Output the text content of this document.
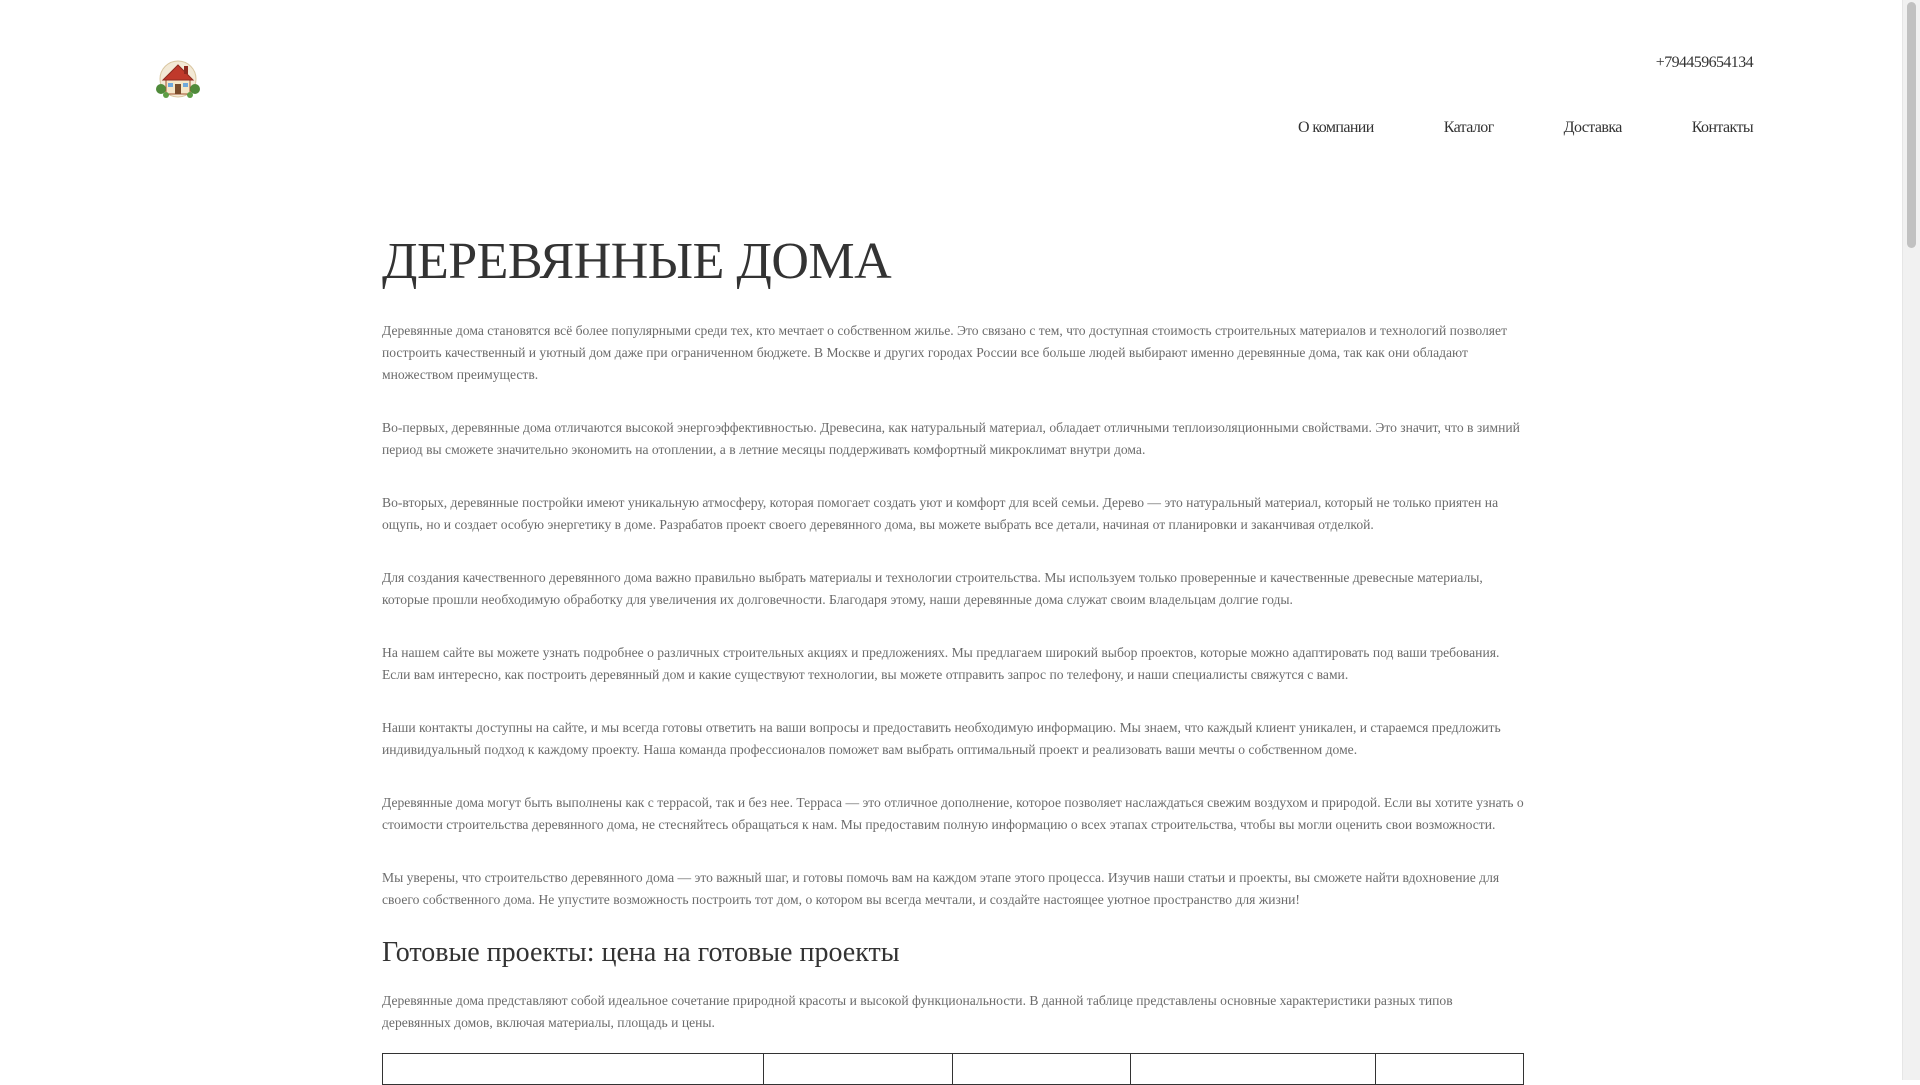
+794459654134
О компании	Каталог	Доставка	Контакты
ДЕРЕВЯННЫЕ ДОМА

Деревянные дома становятся всё более популярными среди тех, кто мечтает о собственном жилье. Это связано с тем, что доступная стоимость строительных материалов и технологий позволяет построить качественный и уютный дом даже при ограниченном бюджете. В Москве и других городах России все больше людей выбирают именно деревянные дома, так как они обладают множеством преимуществ.

Во-первых, деревянные дома отличаются высокой энергоэффективностью. Древесина, как натуральный материал, обладает отличными теплоизоляционными свойствами. Это значит, что в зимний период вы сможете значительно экономить на отоплении, а в летние месяцы поддерживать комфортный микроклимат внутри дома.

Во-вторых, деревянные постройки имеют уникальную атмосферу, которая помогает создать уют и комфорт для всей семьи. Дерево — это натуральный материал, который не только приятен на ощупь, но и создает особую энергетику в доме. Разрабатов проект своего деревянного дома, вы можете выбрать все детали, начиная от планировки и заканчивая отделкой.

Для создания качественного деревянного дома важно правильно выбрать материалы и технологии строительства. Мы используем только проверенные и качественные древесные материалы, которые прошли необходимую обработку для увеличения их долговечности. Благодаря этому, наши деревянные дома служат своим владельцам долгие годы.

На нашем сайте вы можете узнать подробнее о различных строительных акциях и предложениях. Мы предлагаем широкий выбор проектов, которые можно адаптировать под ваши требования. Если вам интересно, как построить деревянный дом и какие существуют технологии, вы можете отправить запрос по телефону, и наши специалисты свяжутся с вами.

Наши контакты доступны на сайте, и мы всегда готовы ответить на ваши вопросы и предоставить необходимую информацию. Мы знаем, что каждый клиент уникален, и стараемся предложить индивидуальный подход к каждому проекту. Наша команда профессионалов поможет вам выбрать оптимальный проект и реализовать ваши мечты о собственном доме.

Деревянные дома могут быть выполнены как с террасой, так и без нее. Терраса — это отличное дополнение, которое позволяет наслаждаться свежим воздухом и природой. Если вы хотите узнать о стоимости строительства деревянного дома, не стесняйтесь обращаться к нам. Мы предоставим полную информацию о всех этапах строительства, чтобы вы могли оценить свои возможности.

Мы уверены, что строительство деревянного дома — это важный шаг, и готовы помочь вам на каждом этапе этого процесса. Изучив наши статьи и проекты, вы сможете найти вдохновение для своего собственного дома. Не упустите возможность построить тот дом, о котором вы всегда мечтали, и создайте настоящее уютное пространство для жизни!

Готовые проекты: цена на готовые проекты

Деревянные дома представляют собой идеальное сочетание природной красоты и высокой функциональности. В данной таблице представлены основные характеристики разных типов деревянных домов, включая материалы, площадь и цены.
